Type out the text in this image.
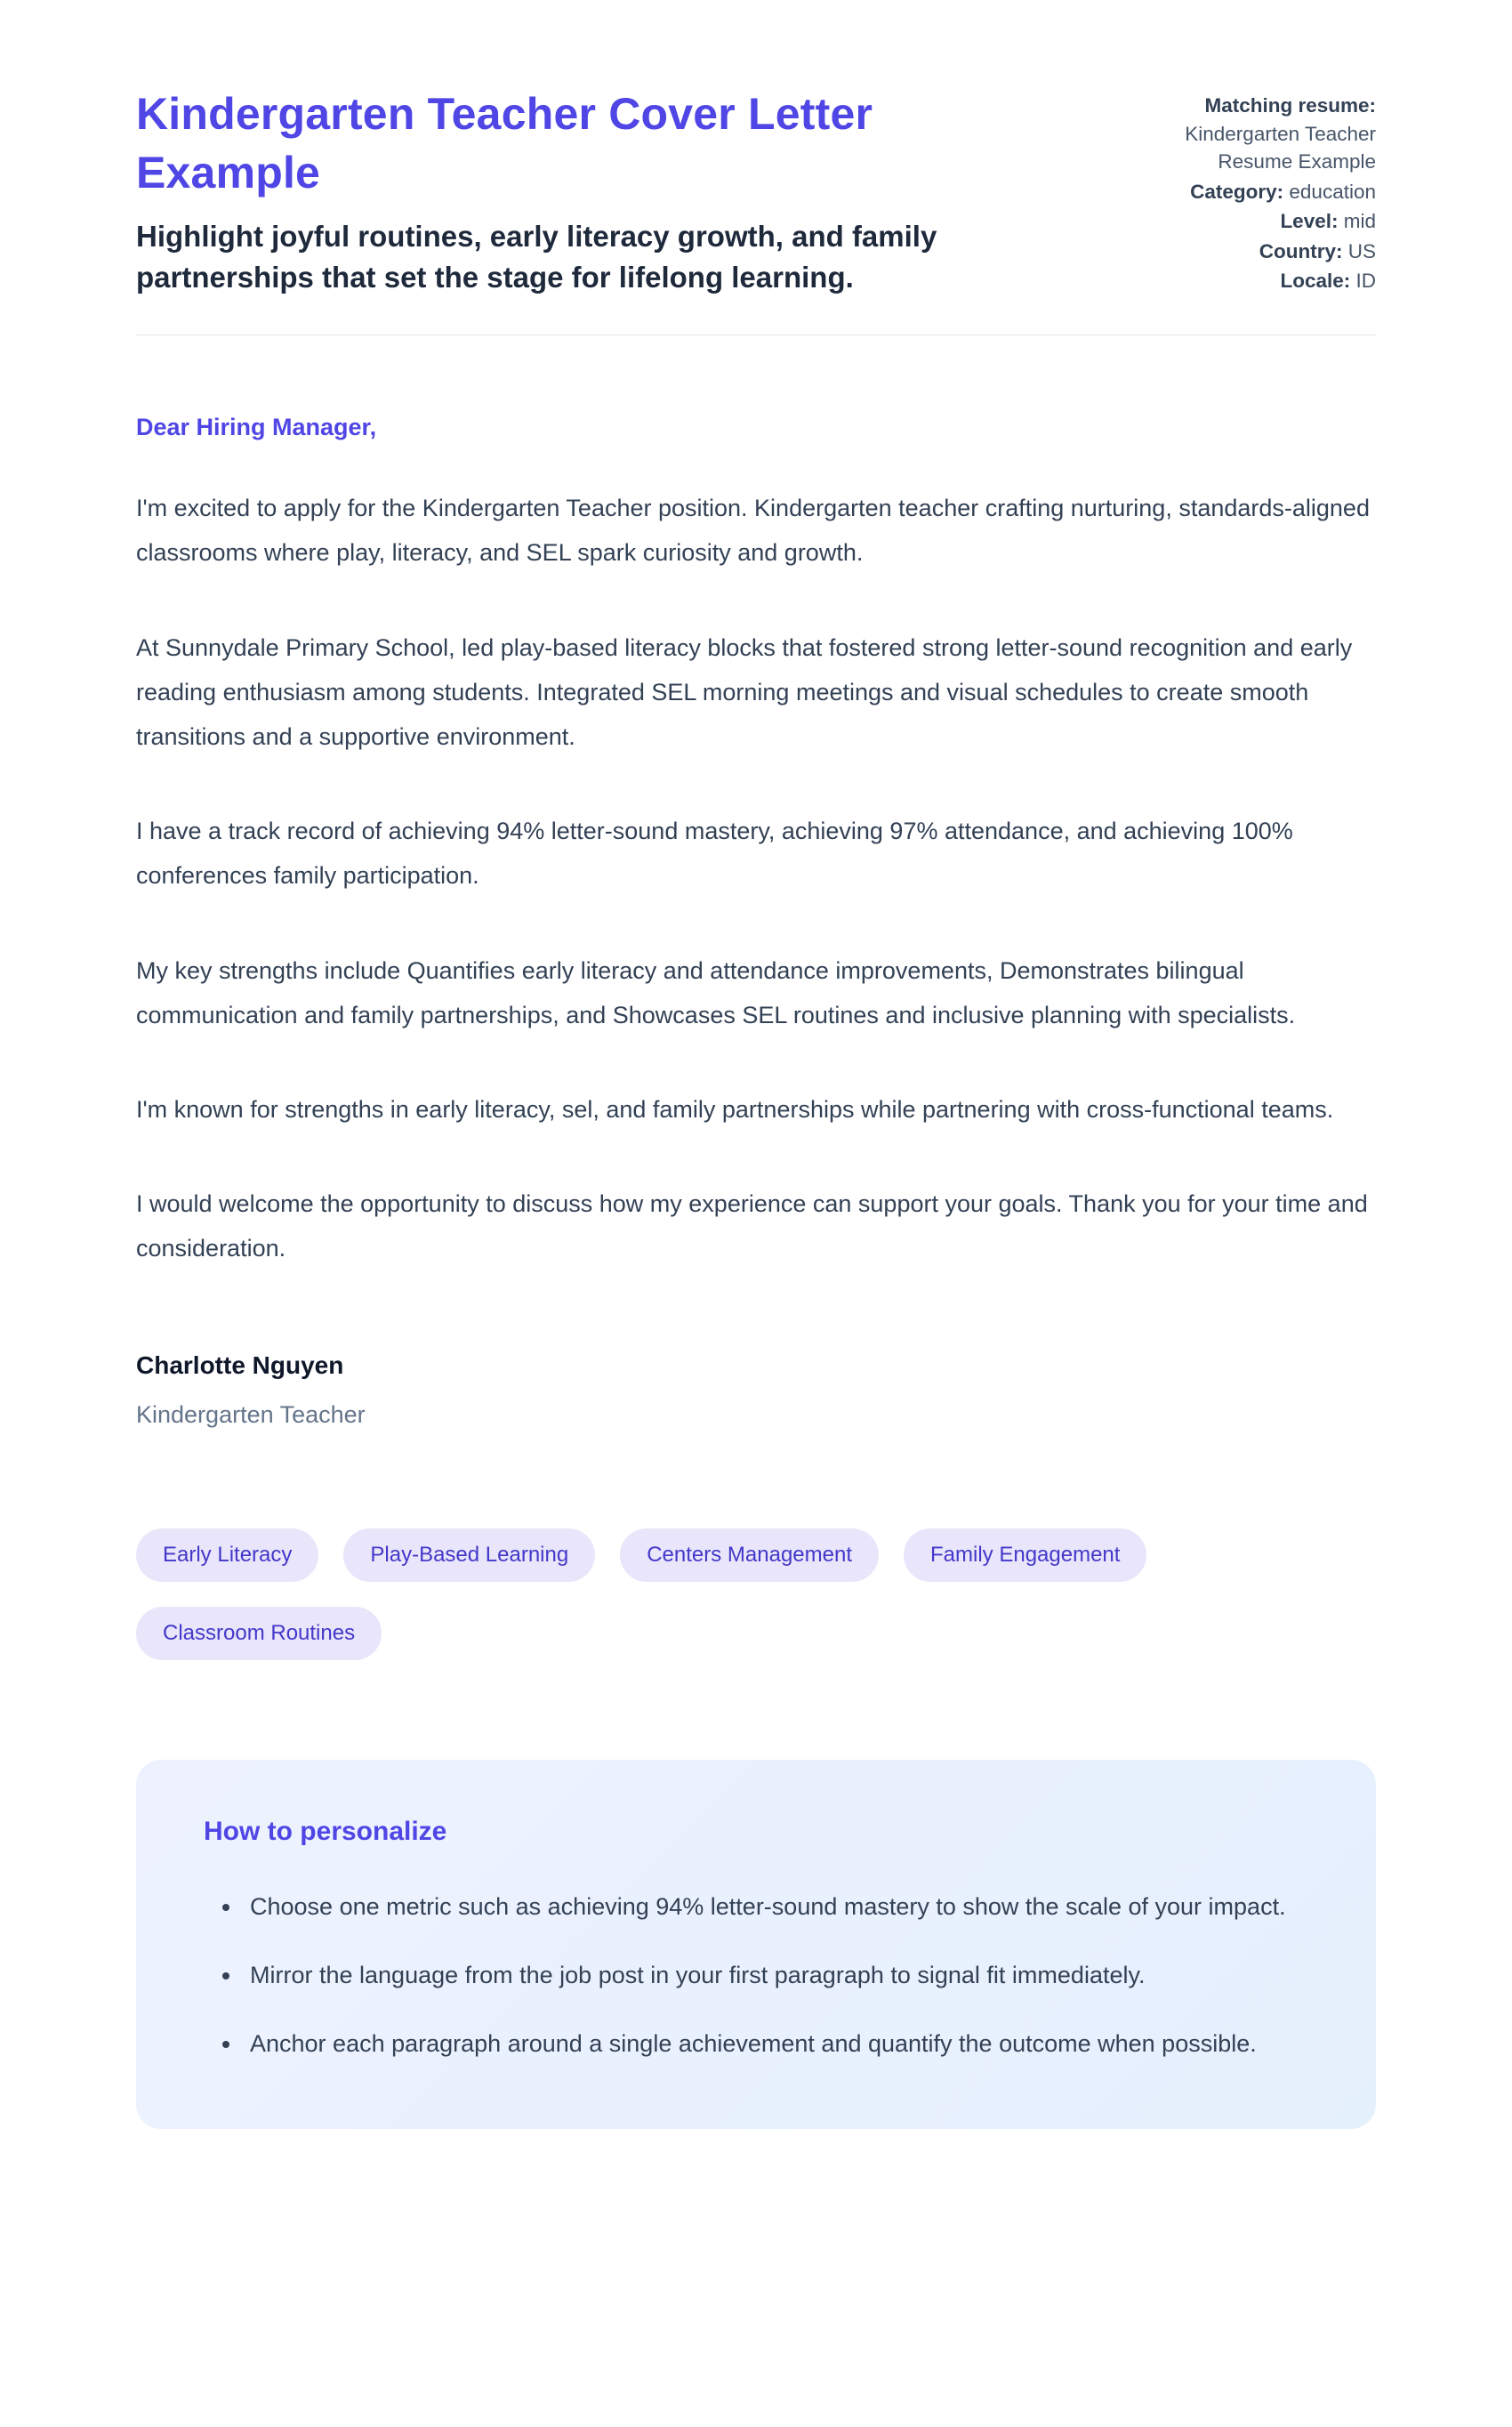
Kindergarten Teacher Cover Letter Example
Highlight joyful routines, early literacy growth, and family partnerships that set the stage for lifelong learning.
Matching resume: Kindergarten Teacher Resume Example
Category: education
Level: mid
Country: US
Locale: ID
Dear Hiring Manager,

I'm excited to apply for the Kindergarten Teacher position. Kindergarten teacher crafting nurturing, standards-aligned classrooms where play, literacy, and SEL spark curiosity and growth.

At Sunnydale Primary School, led play-based literacy blocks that fostered strong letter-sound recognition and early reading enthusiasm among students. Integrated SEL morning meetings and visual schedules to create smooth transitions and a supportive environment.

I have a track record of achieving 94% letter-sound mastery, achieving 97% attendance, and achieving 100% conferences family participation.

My key strengths include Quantifies early literacy and attendance improvements, Demonstrates bilingual communication and family partnerships, and Showcases SEL routines and inclusive planning with specialists.

I'm known for strengths in early literacy, sel, and family partnerships while partnering with cross-functional teams.

I would welcome the opportunity to discuss how my experience can support your goals. Thank you for your time and consideration.

Charlotte Nguyen
Kindergarten Teacher
Early Literacy	Play-Based Learning	Centers Management	Family Engagement
Classroom Routines
How to personalize
• Choose one metric such as achieving 94% letter-sound mastery to show the scale of your impact.
• Mirror the language from the job post in your first paragraph to signal fit immediately.
• Anchor each paragraph around a single achievement and quantify the outcome when possible.
